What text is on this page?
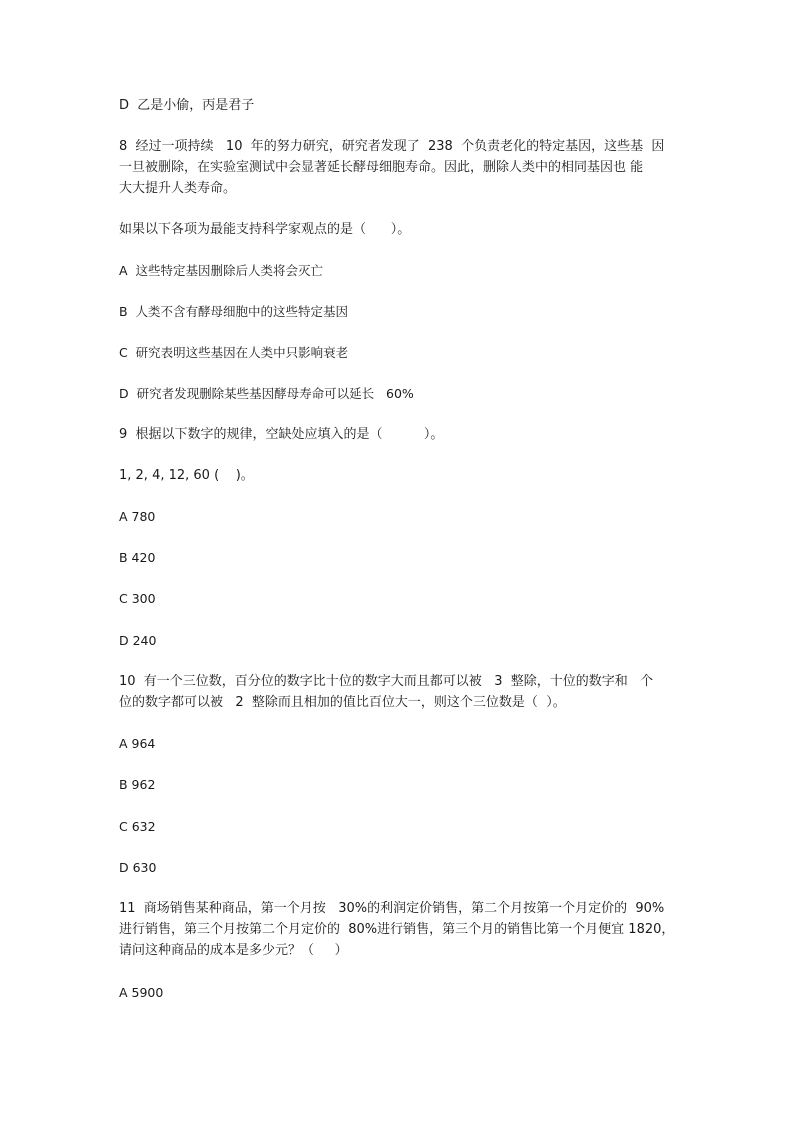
D  乙是小偷，丙是君子
8  经过一项持续   10  年的努力研究，研究者发现了  238  个负责老化的特定基因，这些基  因
一旦被删除，在实验室测试中会显著延长酵母细胞寿命。因此，删除人类中的相同基因也 能
大大提升人类寿命。
如果以下各项为最能支持科学家观点的是（      ）。
A  这些特定基因删除后人类将会灭亡
B  人类不含有酵母细胞中的这些特定基因
C  研究表明这些基因在人类中只影响衰老
D  研究者发现删除某些基因酵母寿命可以延长   60%
9  根据以下数字的规律，空缺处应填入的是（          ）。
1, 2, 4, 12, 60 (    )。
A 780
B 420
C 300
D 240
10  有一个三位数，百分位的数字比十位的数字大而且都可以被   3  整除，十位的数字和   个
位的数字都可以被   2  整除而且相加的值比百位大一，则这个三位数是（  ）。
A 964
B 962
C 632
D 630
11  商场销售某种商品，第一个月按   30%的利润定价销售，第二个月按第一个月定价的  90%
进行销售，第三个月按第二个月定价的  80%进行销售，第三个月的销售比第一个月便宜 1820，
请问这种商品的成本是多少元？（     ）
A 5900
